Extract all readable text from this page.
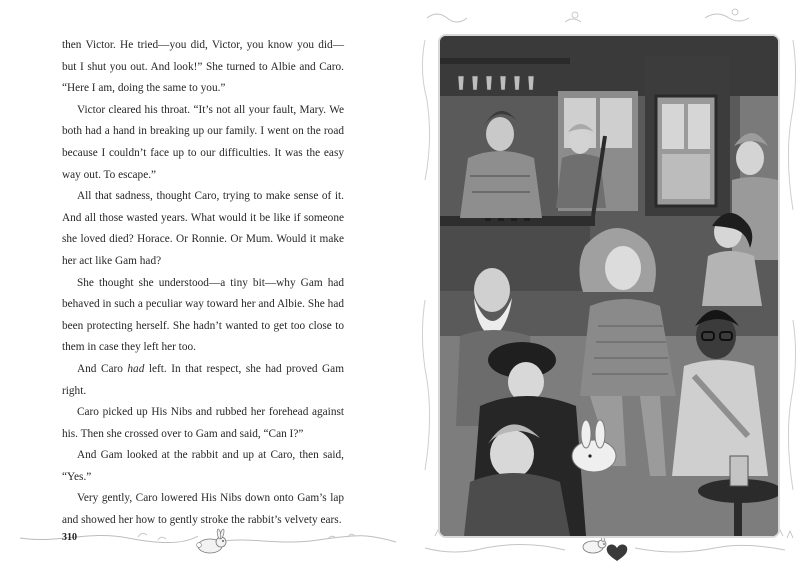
then Victor. He tried—you did, Victor, you know you did—but I shut you out. And look!” She turned to Albie and Caro. “Here I am, doing the same to you.”

Victor cleared his throat. “It’s not all your fault, Mary. We both had a hand in breaking up our family. I went on the road because I couldn’t face up to our difficulties. It was the easy way out. To escape.”

All that sadness, thought Caro, trying to make sense of it. And all those wasted years. What would it be like if someone she loved died? Horace. Or Ronnie. Or Mum. Would it make her act like Gam had?

She thought she understood—a tiny bit—why Gam had behaved in such a peculiar way toward her and Albie. She had been protecting herself. She hadn’t wanted to get too close to them in case they left her too.

And Caro had left. In that respect, she had proved Gam right.

Caro picked up His Nibs and rubbed her forehead against his. Then she crossed over to Gam and said, “Can I?”

And Gam looked at the rabbit and up at Caro, then said, “Yes.”

Very gently, Caro lowered His Nibs down onto Gam’s lap and showed her how to gently stroke the rabbit’s velvety ears.

310
